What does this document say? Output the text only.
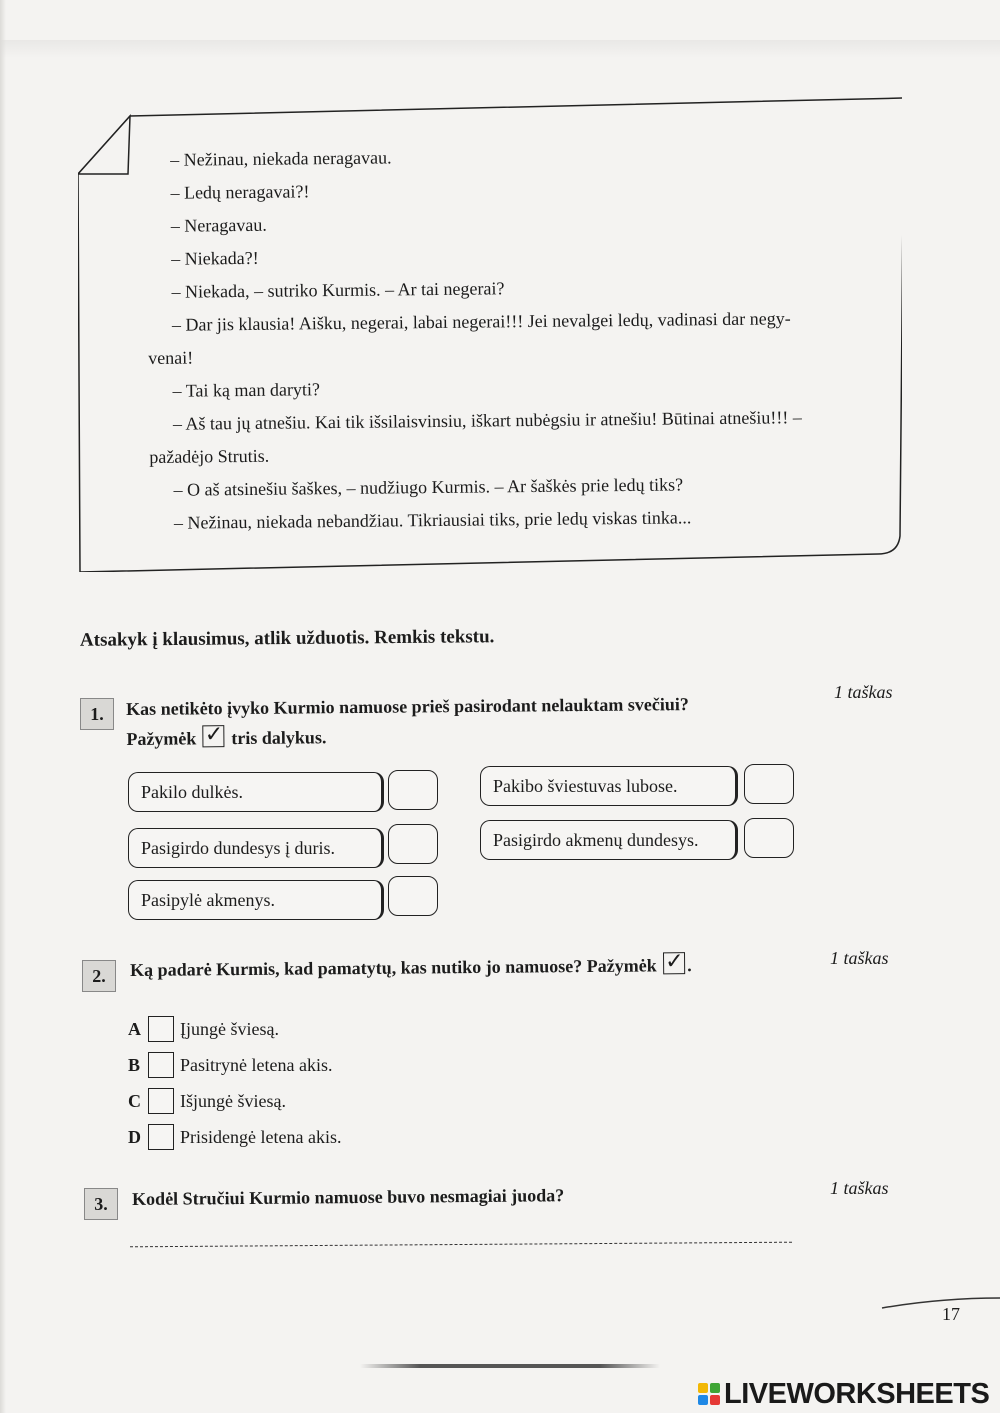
– Nežinau, niekada neragavau.
– Ledų neragavai?!
– Neragavau.
– Niekada?!
– Niekada, – sutriko Kurmis. – Ar tai negerai?
– Dar jis klausia! Aišku, negerai, labai negerai!!! Jei nevalgei ledų, vadinasi dar negy-
venai!
– Tai ką man daryti?
– Aš tau jų atnešiu. Kai tik išsilaisvinsiu, iškart nubėgsiu ir atnešiu! Būtinai atnešiu!!! –
pažadėjo Strutis.
– O aš atsinešiu šaškes, – nudžiugo Kurmis. – Ar šaškės prie ledų tiks?
– Nežinau, niekada nebandžiau. Tikriausiai tiks, prie ledų viskas tinka...
Atsakyk į klausimus, atlik užduotis. Remkis tekstu.
1.	Kas netikėto įvyko Kurmio namuose prieš pasirodant nelauktam svečiui?
Pažymėk ✓ tris dalykus.
1 taškas
Pakilo dulkės.	Pakibo šviestuvas lubose.
Pasigirdo dundesys į duris.	Pasigirdo akmenų dundesys.
Pasipylė akmenys.
2.	Ką padarė Kurmis, kad pamatytų, kas nutiko jo namuose? Pažymėk ✓ .	1 taškas
A	Įjungė šviesą.
B	Pasitrynė letena akis.
C	Išjungė šviesą.
D	Prisidengė letena akis.
3.	Kodėl Stručiui Kurmio namuose buvo nesmagiai juoda?	1 taškas
17
LIVEWORKSHEETS
